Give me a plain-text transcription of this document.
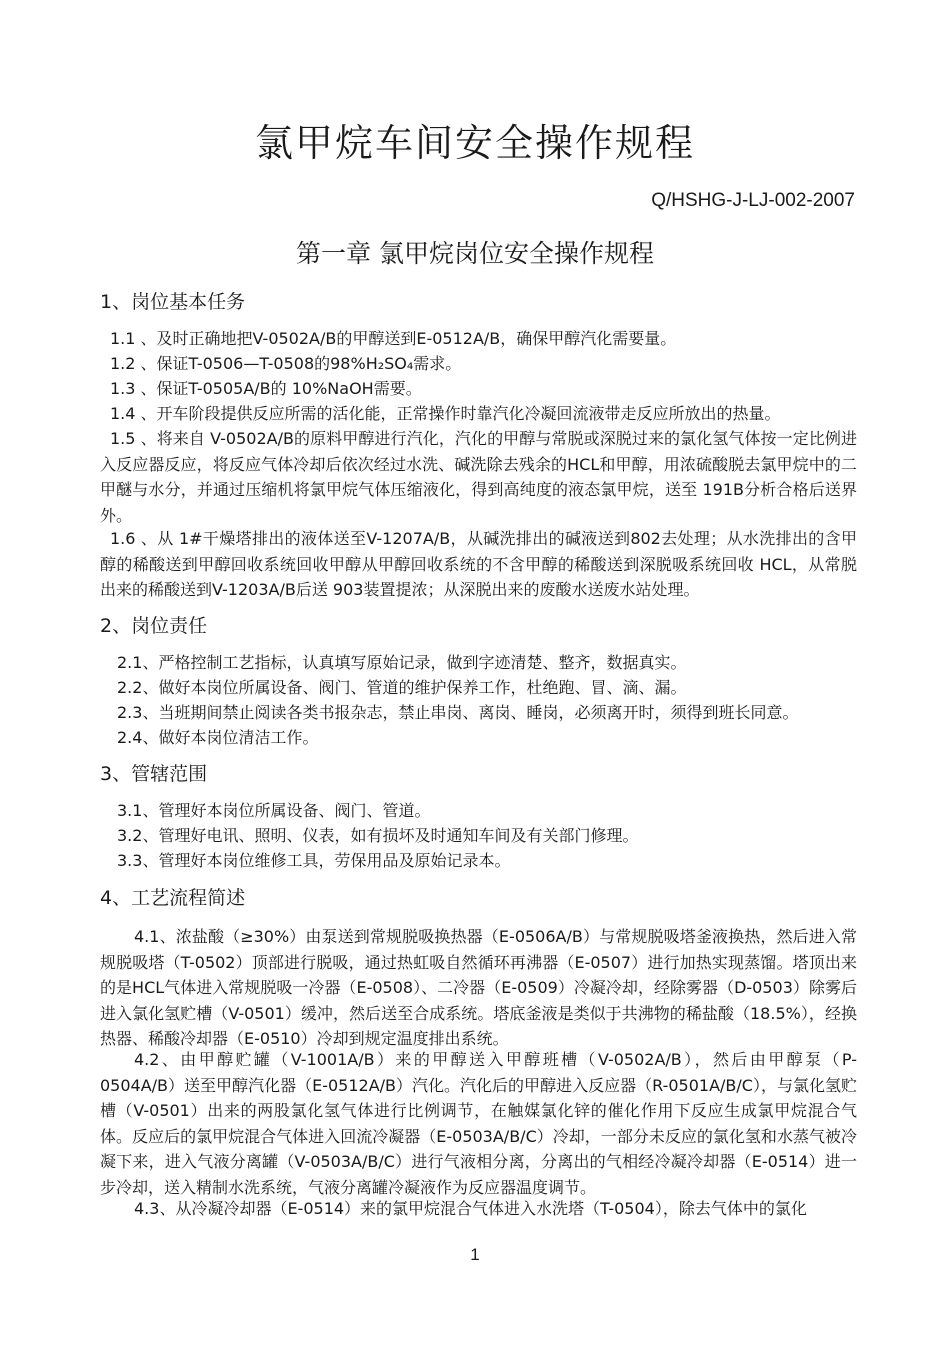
氯甲烷车间安全操作规程
Q/HSHG-J-LJ-002-2007
第一章 氯甲烷岗位安全操作规程
1、岗位基本任务
1.1 、及时正确地把V-0502A/B的甲醇送到E-0512A/B，确保甲醇汽化需要量。
1.2 、保证T-0506—T-0508的98%H₂SO₄需求。
1.3 、保证T-0505A/B的 10%NaOH需要。
1.4 、开车阶段提供反应所需的活化能，正常操作时靠汽化冷凝回流液带走反应所放出的热量。
1.5 、将来自 V-0502A/B的原料甲醇进行汽化，汽化的甲醇与常脱或深脱过来的氯化氢气体按一定比例进入反应器反应，将反应气体冷却后依次经过水洗、碱洗除去残余的HCL和甲醇，用浓硫酸脱去氯甲烷中的二甲醚与水分，并通过压缩机将氯甲烷气体压缩液化，得到高纯度的液态氯甲烷，送至 191B分析合格后送界外。
1.6 、从 1#干燥塔排出的液体送至V-1207A/B，从碱洗排出的碱液送到802去处理；从水洗排出的含甲醇的稀酸送到甲醇回收系统回收甲醇从甲醇回收系统的不含甲醇的稀酸送到深脱吸系统回收 HCL，从常脱出来的稀酸送到V-1203A/B后送 903装置提浓；从深脱出来的废酸水送废水站处理。
2、岗位责任
2.1、严格控制工艺指标，认真填写原始记录，做到字迹清楚、整齐，数据真实。
2.2、做好本岗位所属设备、阀门、管道的维护保养工作，杜绝跑、冒、滴、漏。
2.3、当班期间禁止阅读各类书报杂志，禁止串岗、离岗、睡岗，必须离开时，须得到班长同意。
2.4、做好本岗位清洁工作。
3、管辖范围
3.1、管理好本岗位所属设备、阀门、管道。
3.2、管理好电讯、照明、仪表，如有损坏及时通知车间及有关部门修理。
3.3、管理好本岗位维修工具，劳保用品及原始记录本。
4、工艺流程简述
4.1、浓盐酸（≥30%）由泵送到常规脱吸换热器（E-0506A/B）与常规脱吸塔釜液换热，然后进入常规脱吸塔（T-0502）顶部进行脱吸，通过热虹吸自然循环再沸器（E-0507）进行加热实现蒸馏。塔顶出来的是HCL气体进入常规脱吸一冷器（E-0508）、二冷器（E-0509）冷凝冷却，经除雾器（D-0503）除雾后进入氯化氢贮槽（V-0501）缓冲，然后送至合成系统。塔底釜液是类似于共沸物的稀盐酸（18.5%），经换热器、稀酸冷却器（E-0510）冷却到规定温度排出系统。
4.2、由甲醇贮罐（V-1001A/B）来的甲醇送入甲醇班槽（V-0502A/B），然后由甲醇泵（P-0504A/B）送至甲醇汽化器（E-0512A/B）汽化。汽化后的甲醇进入反应器（R-0501A/B/C），与氯化氢贮槽（V-0501）出来的两股氯化氢气体进行比例调节，在触媒氯化锌的催化作用下反应生成氯甲烷混合气体。反应后的氯甲烷混合气体进入回流冷凝器（E-0503A/B/C）冷却，一部分未反应的氯化氢和水蒸气被冷凝下来，进入气液分离罐（V-0503A/B/C）进行气液相分离，分离出的气相经冷凝冷却器（E-0514）进一步冷却，送入精制水洗系统，气液分离罐冷凝液作为反应器温度调节。
4.3、从冷凝冷却器（E-0514）来的氯甲烷混合气体进入水洗塔（T-0504），除去气体中的氯化
1
